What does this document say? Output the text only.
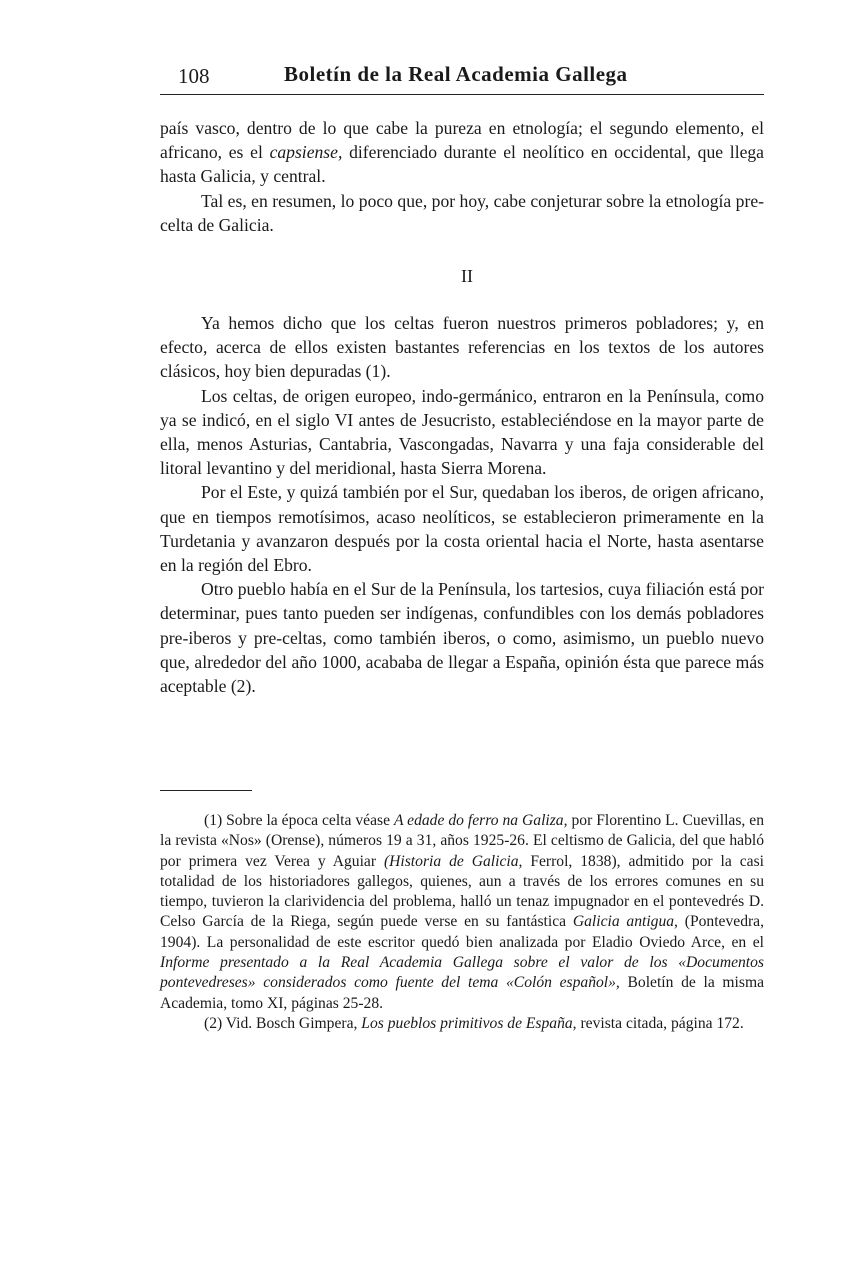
108	Boletín de la Real Academia Gallega

país vasco, dentro de lo que cabe la pureza en etnología; el segundo elemento, el africano, es el capsiense, diferenciado durante el neolítico en occidental, que llega hasta Galicia, y central.

Tal es, en resumen, lo poco que, por hoy, cabe conjeturar sobre la etnología pre-celta de Galicia.

II

Ya hemos dicho que los celtas fueron nuestros primeros pobladores; y, en efecto, acerca de ellos existen bastantes referencias en los textos de los autores clásicos, hoy bien depuradas (1).

Los celtas, de origen europeo, indo-germánico, entraron en la Península, como ya se indicó, en el siglo VI antes de Jesucristo, estableciéndose en la mayor parte de ella, menos Asturias, Cantabria, Vascongadas, Navarra y una faja considerable del litoral levantino y del meridional, hasta Sierra Morena.

Por el Este, y quizá también por el Sur, quedaban los iberos, de origen africano, que en tiempos remotísimos, acaso neolíticos, se establecieron primeramente en la Turdetania y avanzaron después por la costa oriental hacia el Norte, hasta asentarse en la región del Ebro.

Otro pueblo había en el Sur de la Península, los tartesios, cuya filiación está por determinar, pues tanto pueden ser indígenas, confundibles con los demás pobladores pre-iberos y pre-celtas, como también iberos, o como, asimismo, un pueblo nuevo que, alrededor del año 1000, acababa de llegar a España, opinión ésta que parece más aceptable (2).

(1) Sobre la época celta véase A edade do ferro na Galiza, por Florentino L. Cuevillas, en la revista «Nos» (Orense), números 19 a 31, años 1925-26. El celtismo de Galicia, del que habló por primera vez Verea y Aguiar (Historia de Galicia, Ferrol, 1838), admitido por la casi totalidad de los historiadores gallegos, quienes, aun a través de los errores comunes en su tiempo, tuvieron la clarividencia del problema, halló un tenaz impugnador en el pontevedrés D. Celso García de la Riega, según puede verse en su fantástica Galicia antigua, (Pontevedra, 1904). La personalidad de este escritor quedó bien analizada por Eladio Oviedo Arce, en el Informe presentado a la Real Academia Gallega sobre el valor de los «Documentos pontevedreses» considerados como fuente del tema «Colón español», Boletín de la misma Academia, tomo XI, páginas 25-28.

(2) Vid. Bosch Gimpera, Los pueblos primitivos de España, revista citada, página 172.
